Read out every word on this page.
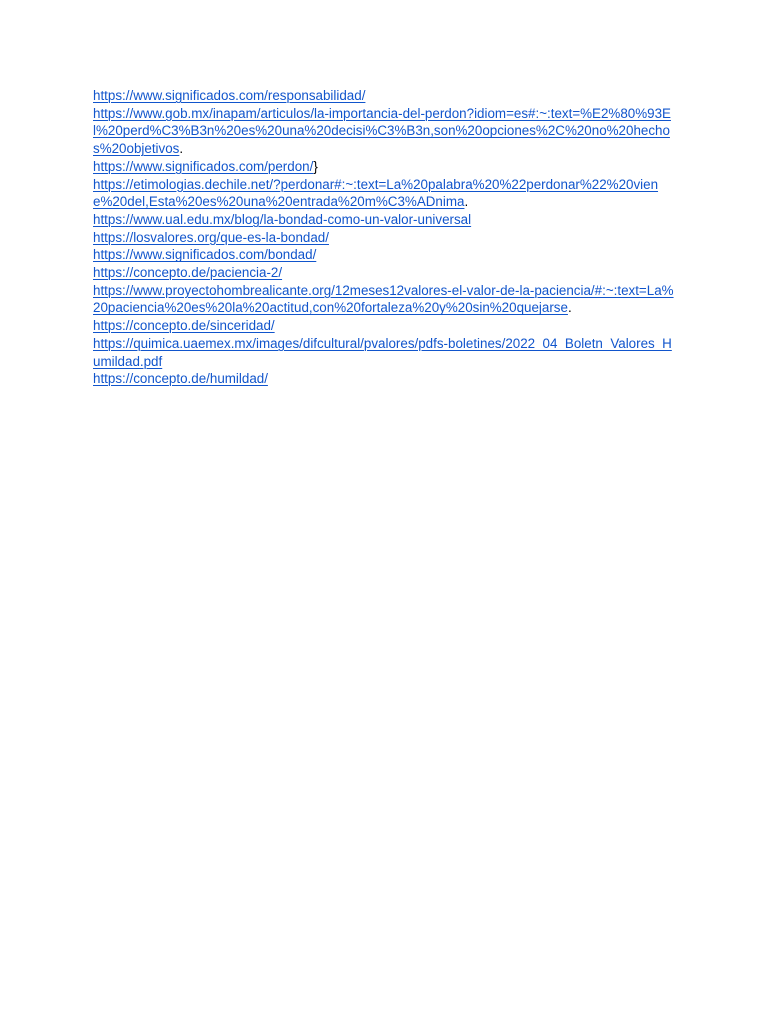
https://www.significados.com/responsabilidad/

https://www.gob.mx/inapam/articulos/la-importancia-del-perdon?idiom=es#:~:text=%E2%80%93El%20perd%C3%B3n%20es%20una%20decisi%C3%B3n,son%20opciones%2C%20no%20hechos%20objetivos.

https://www.significados.com/perdon/}

https://etimologias.dechile.net/?perdonar#:~:text=La%20palabra%20%22perdonar%22%20viene%20del,Esta%20es%20una%20entrada%20m%C3%ADnima.

https://www.ual.edu.mx/blog/la-bondad-como-un-valor-universal

https://losvalores.org/que-es-la-bondad/

https://www.significados.com/bondad/

https://concepto.de/paciencia-2/

https://www.proyectohombrealicante.org/12meses12valores-el-valor-de-la-paciencia/#:~:text=La%20paciencia%20es%20la%20actitud,con%20fortaleza%20y%20sin%20quejarse.

https://concepto.de/sinceridad/

https://quimica.uaemex.mx/images/difcultural/pvalores/pdfs-boletines/2022_04_Boletn_Valores_Humildad.pdf

https://concepto.de/humildad/
